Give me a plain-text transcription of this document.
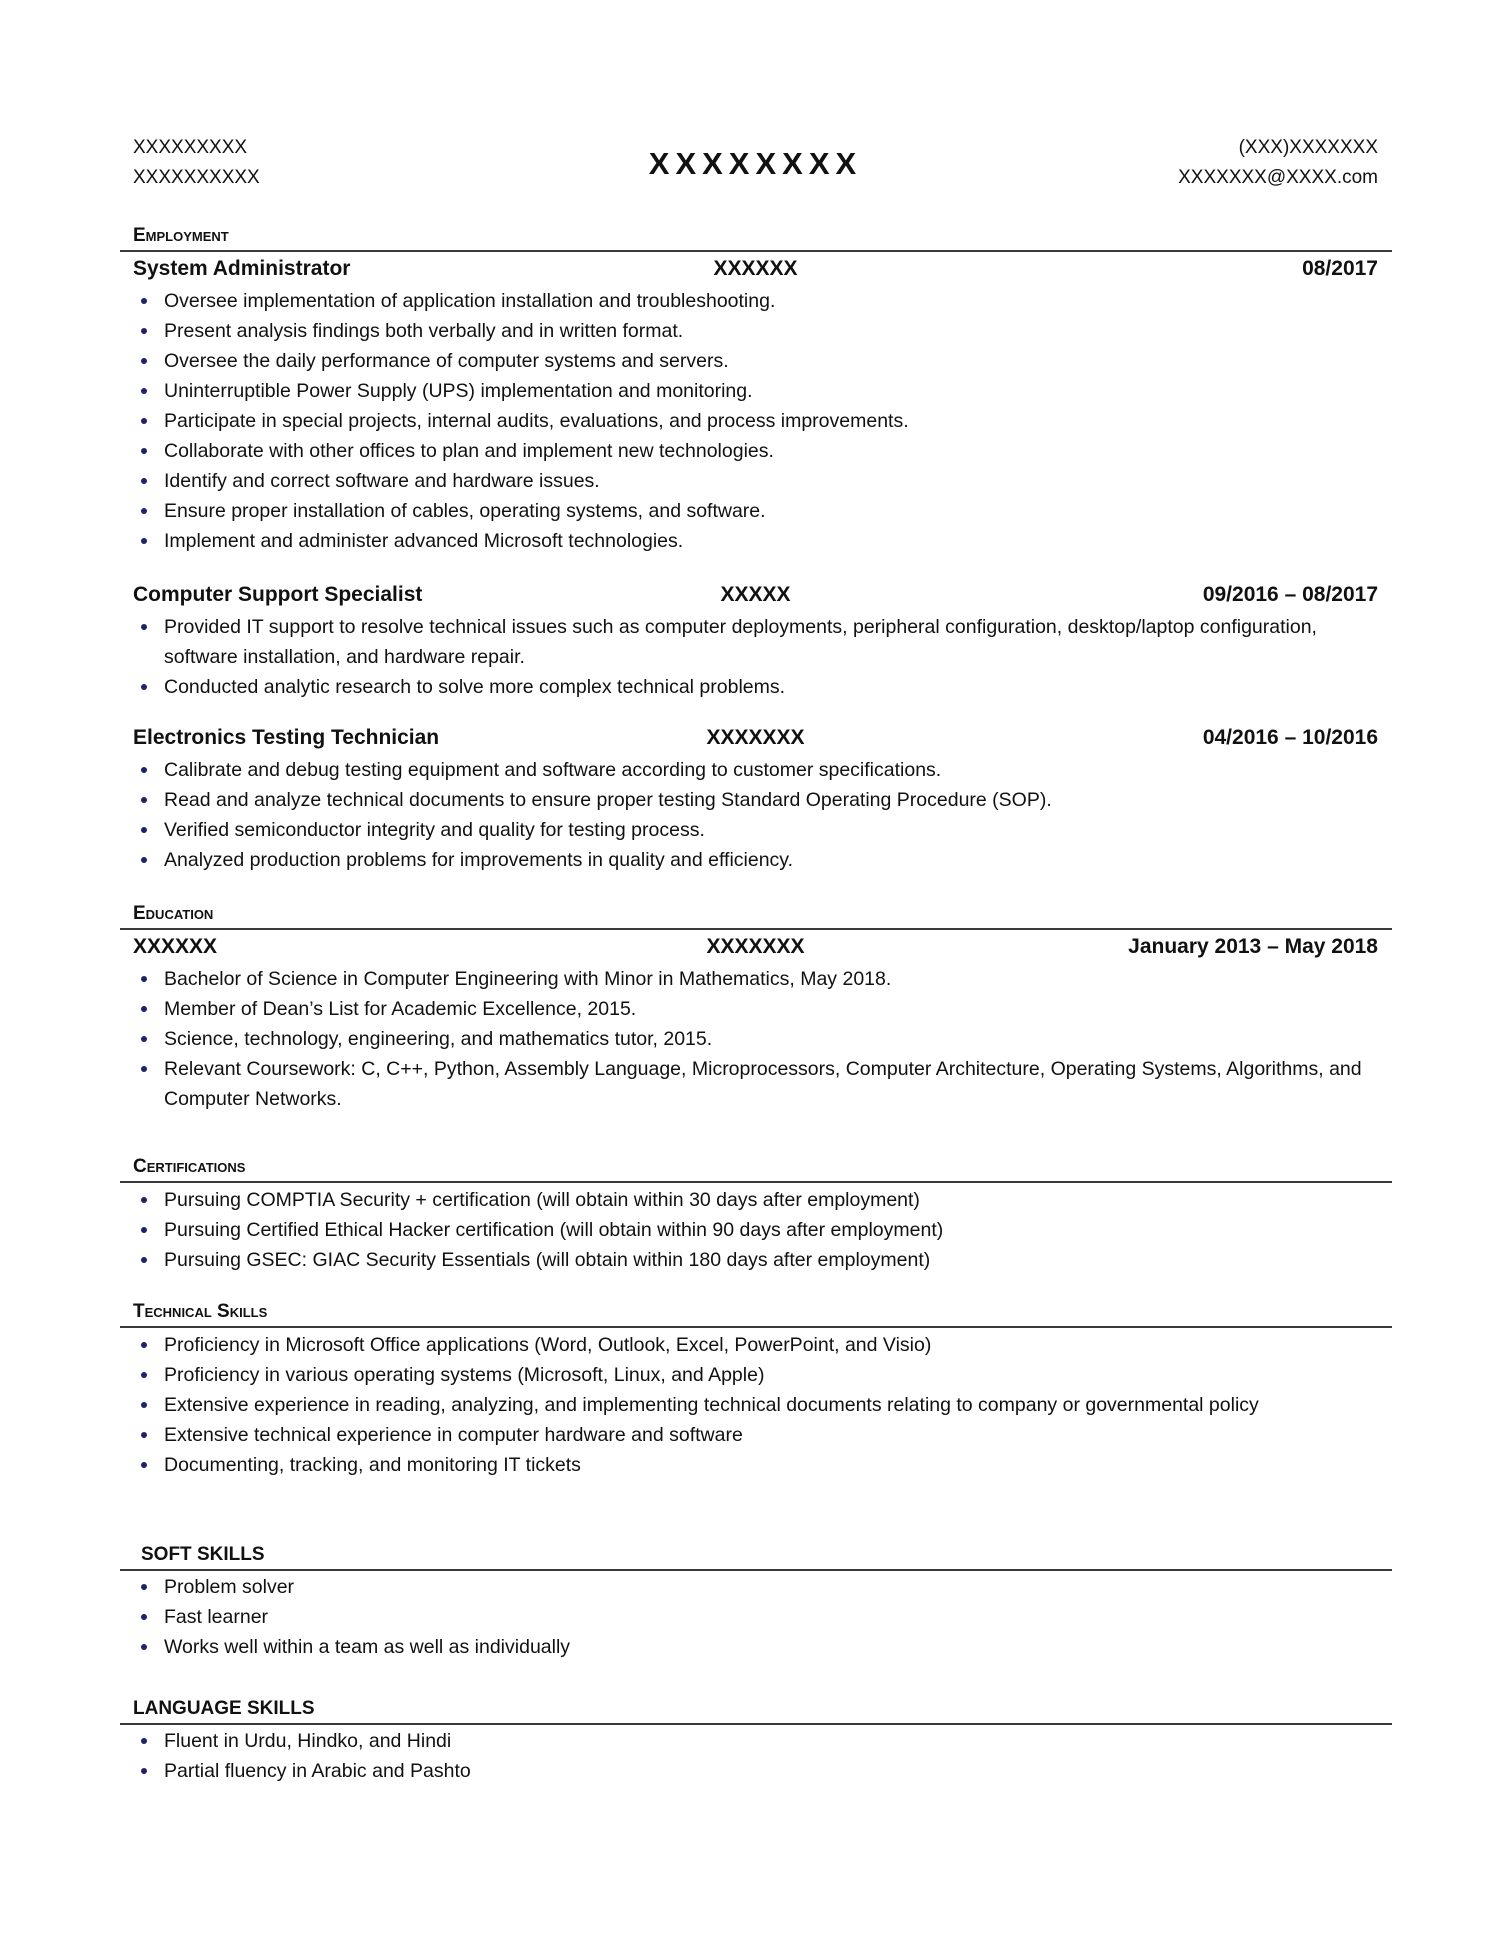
XXXXXXXXX
XXXXXXXXXX	XXXXXXXX	(XXX)XXXXXXX
XXXXXXX@XXXX.com
Employment
System Administrator	XXXXXX	08/2017
Oversee implementation of application installation and troubleshooting.
Present analysis findings both verbally and in written format.
Oversee the daily performance of computer systems and servers.
Uninterruptible Power Supply (UPS) implementation and monitoring.
Participate in special projects, internal audits, evaluations, and process improvements.
Collaborate with other offices to plan and implement new technologies.
Identify and correct software and hardware issues.
Ensure proper installation of cables, operating systems, and software.
Implement and administer advanced Microsoft technologies.
Computer Support Specialist	XXXXX	09/2016 – 08/2017
Provided IT support to resolve technical issues such as computer deployments, peripheral configuration, desktop/laptop configuration, software installation, and hardware repair.
Conducted analytic research to solve more complex technical problems.
Electronics Testing Technician	XXXXXXX	04/2016 – 10/2016
Calibrate and debug testing equipment and software according to customer specifications.
Read and analyze technical documents to ensure proper testing Standard Operating Procedure (SOP).
Verified semiconductor integrity and quality for testing process.
Analyzed production problems for improvements in quality and efficiency.
Education
XXXXXX	XXXXXXX	January 2013 – May 2018
Bachelor of Science in Computer Engineering with Minor in Mathematics, May 2018.
Member of Dean’s List for Academic Excellence, 2015.
Science, technology, engineering, and mathematics tutor, 2015.
Relevant Coursework: C, C++, Python, Assembly Language, Microprocessors, Computer Architecture, Operating Systems, Algorithms, and Computer Networks.
Certifications
Pursuing COMPTIA Security + certification (will obtain within 30 days after employment)
Pursuing Certified Ethical Hacker certification (will obtain within 90 days after employment)
Pursuing GSEC: GIAC Security Essentials (will obtain within 180 days after employment)
Technical Skills
Proficiency in Microsoft Office applications (Word, Outlook, Excel, PowerPoint, and Visio)
Proficiency in various operating systems (Microsoft, Linux, and Apple)
Extensive experience in reading, analyzing, and implementing technical documents relating to company or governmental policy
Extensive technical experience in computer hardware and software
Documenting, tracking, and monitoring IT tickets
SOFT SKILLS
Problem solver
Fast learner
Works well within a team as well as individually
LANGUAGE SKILLS
Fluent in Urdu, Hindko, and Hindi
Partial fluency in Arabic and Pashto
